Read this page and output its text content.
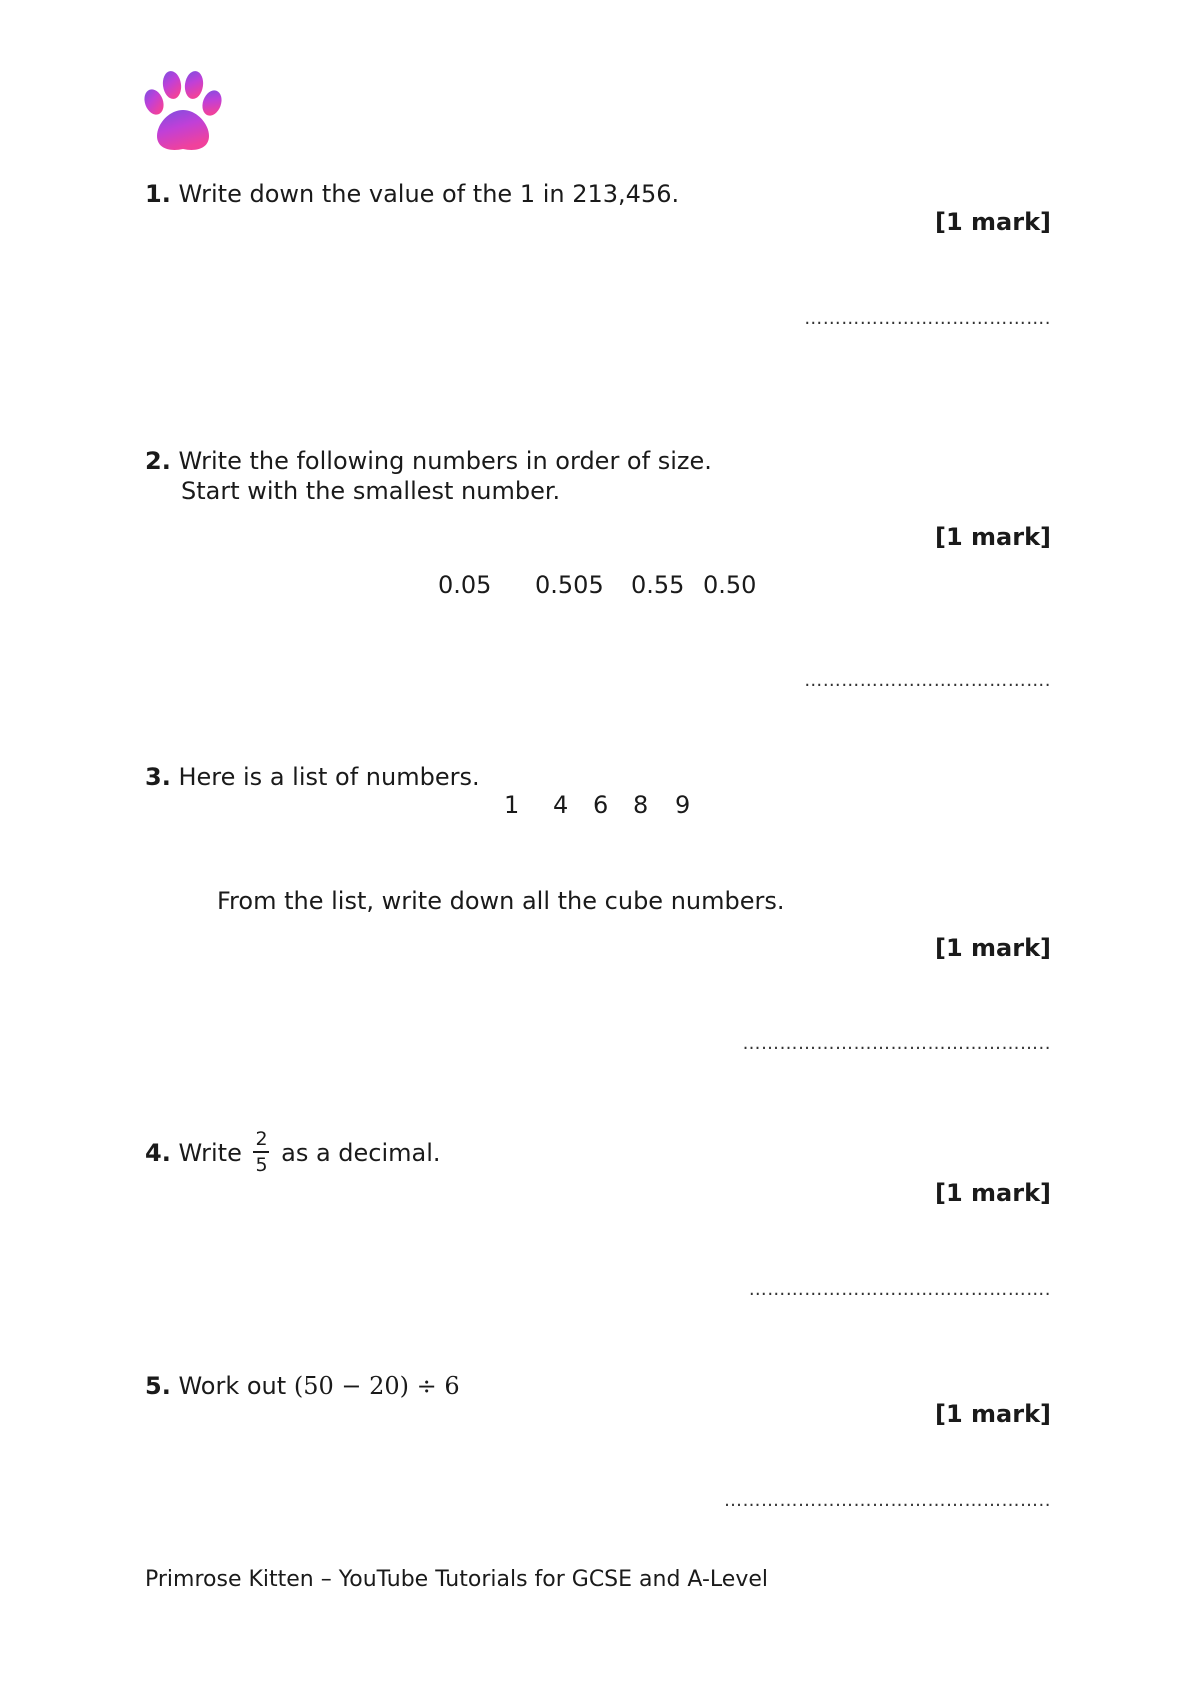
1. Write down the value of the 1 in 213,456.
[1 mark]
………………………………….
2. Write the following numbers in order of size.
Start with the smallest number.
[1 mark]
0.05 0.505 0.55 0.50
………………………………….
3. Here is a list of numbers.
1 4 6 8 9
From the list, write down all the cube numbers.
[1 mark]
…………………………………………..
4. Write $\frac{2}{5}$ as a decimal.
[1 mark]
………………………………………….
5. Work out (50 − 20) ÷ 6
[1 mark]
……………………………………………..
Primrose Kitten – YouTube Tutorials for GCSE and A-Level
